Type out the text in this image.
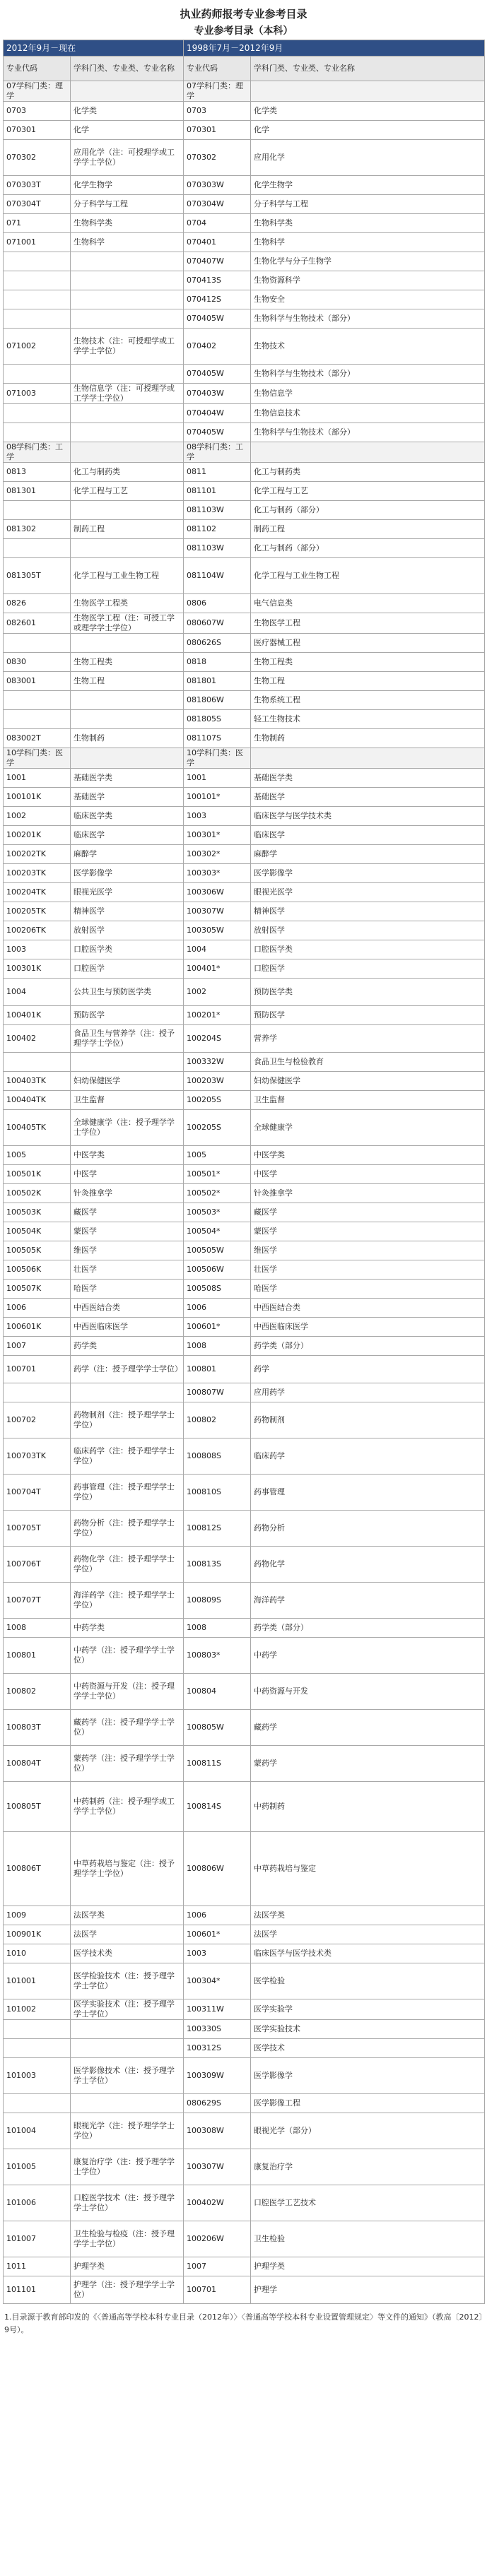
执业药师报考专业参考目录
专业参考目录（本科）
2012年9月－现在		1998年7月－2012年9月	
专业代码	学科门类、专业类、专业名称	专业代码	学科门类、专业类、专业名称
07学科门类：理学		07学科门类：理学	
0703	化学类	0703	化学类
070301	化学	070301	化学
070302	应用化学（注：可授理学或工学学士学位）	070302	应用化学
070303T	化学生物学	070303W	化学生物学
070304T	分子科学与工程	070304W	分子科学与工程
071	生物科学类	0704	生物科学类
071001	生物科学	070401	生物科学
		070407W	生物化学与分子生物学
		070413S	生物资源科学
		070412S	生物安全
		070405W	生物科学与生物技术（部分）
071002	生物技术（注：可授理学或工学学士学位）	070402	生物技术
		070405W	生物科学与生物技术（部分）
071003	生物信息学（注：可授理学或工学学士学位）	070403W	生物信息学
		070404W	生物信息技术
		070405W	生物科学与生物技术（部分）
08学科门类：工学		08学科门类：工学	
0813	化工与制药类	0811	化工与制药类
081301	化学工程与工艺	081101	化学工程与工艺
		081103W	化工与制药（部分）
081302	制药工程	081102	制药工程
		081103W	化工与制药（部分）
081305T	化学工程与工业生物工程	081104W	化学工程与工业生物工程
0826	生物医学工程类	0806	电气信息类
082601	生物医学工程（注：可授工学或理学学士学位）	080607W	生物医学工程
		080626S	医疗器械工程
0830	生物工程类	0818	生物工程类
083001	生物工程	081801	生物工程
		081806W	生物系统工程
		081805S	轻工生物技术
083002T	生物制药	081107S	生物制药
10学科门类：医学		10学科门类：医学	
1001	基础医学类	1001	基础医学类
100101K	基础医学	100101*	基础医学
1002	临床医学类	1003	临床医学与医学技术类
100201K	临床医学	100301*	临床医学
100202TK	麻醉学	100302*	麻醉学
100203TK	医学影像学	100303*	医学影像学
100204TK	眼视光医学	100306W	眼视光医学
100205TK	精神医学	100307W	精神医学
100206TK	放射医学	100305W	放射医学
1003	口腔医学类	1004	口腔医学类
100301K	口腔医学	100401*	口腔医学
1004	公共卫生与预防医学类	1002	预防医学类
100401K	预防医学	100201*	预防医学
100402	食品卫生与营养学（注：授予理学学士学位）	100204S	营养学
		100332W	食品卫生与检验教育
100403TK	妇幼保健医学	100203W	妇幼保健医学
100404TK	卫生监督	100205S	卫生监督
100405TK	全球健康学（注：授予理学学士学位）	100205S	全球健康学
1005	中医学类	1005	中医学类
100501K	中医学	100501*	中医学
100502K	针灸推拿学	100502*	针灸推拿学
100503K	藏医学	100503*	藏医学
100504K	蒙医学	100504*	蒙医学
100505K	维医学	100505W	维医学
100506K	壮医学	100506W	壮医学
100507K	哈医学	100508S	哈医学
1006	中西医结合类	1006	中西医结合类
100601K	中西医临床医学	100601*	中西医临床医学
1007	药学类	1008	药学类（部分）
100701	药学（注：授予理学学士学位）	100801	药学
		100807W	应用药学
100702	药物制剂（注：授予理学学士学位）	100802	药物制剂
100703TK	临床药学（注：授予理学学士学位）	100808S	临床药学
100704T	药事管理（注：授予理学学士学位）	100810S	药事管理
100705T	药物分析（注：授予理学学士学位）	100812S	药物分析
100706T	药物化学（注：授予理学学士学位）	100813S	药物化学
100707T	海洋药学（注：授予理学学士学位）	100809S	海洋药学
1008	中药学类	1008	药学类（部分）
100801	中药学（注：授予理学学士学位）	100803*	中药学
100802	中药资源与开发（注：授予理学学士学位）	100804	中药资源与开发
100803T	藏药学（注：授予理学学士学位）	100805W	藏药学
100804T	蒙药学（注：授予理学学士学位）	100811S	蒙药学
100805T	中药制药（注：授予理学或工学学士学位）	100814S	中药制药
100806T	中草药栽培与鉴定（注：授予理学学士学位）	100806W	中草药栽培与鉴定
1009	法医学类	1006	法医学类
100901K	法医学	100601*	法医学
1010	医学技术类	1003	临床医学与医学技术类
101001	医学检验技术（注：授予理学学士学位）	100304*	医学检验
101002	医学实验技术（注：授予理学学士学位）	100311W	医学实验学
		100330S	医学实验技术
		100312S	医学技术
101003	医学影像技术（注：授予理学学士学位）	100309W	医学影像学
		080629S	医学影像工程
101004	眼视光学（注：授予理学学士学位）	100308W	眼视光学（部分）
101005	康复治疗学（注：授予理学学士学位）	100307W	康复治疗学
101006	口腔医学技术（注：授予理学学士学位）	100402W	口腔医学工艺技术
101007	卫生检验与检疫（注：授予理学学士学位）	100206W	卫生检验
1011	护理学类	1007	护理学类
101101	护理学（注：授予理学学士学位）	100701	护理学
1.目录源于教育部印发的《〈普通高等学校本科专业目录（2012年）〉〈普通高等学校本科专业设置管理规定〉等文件的通知》（教高〔2012〕9号）。
